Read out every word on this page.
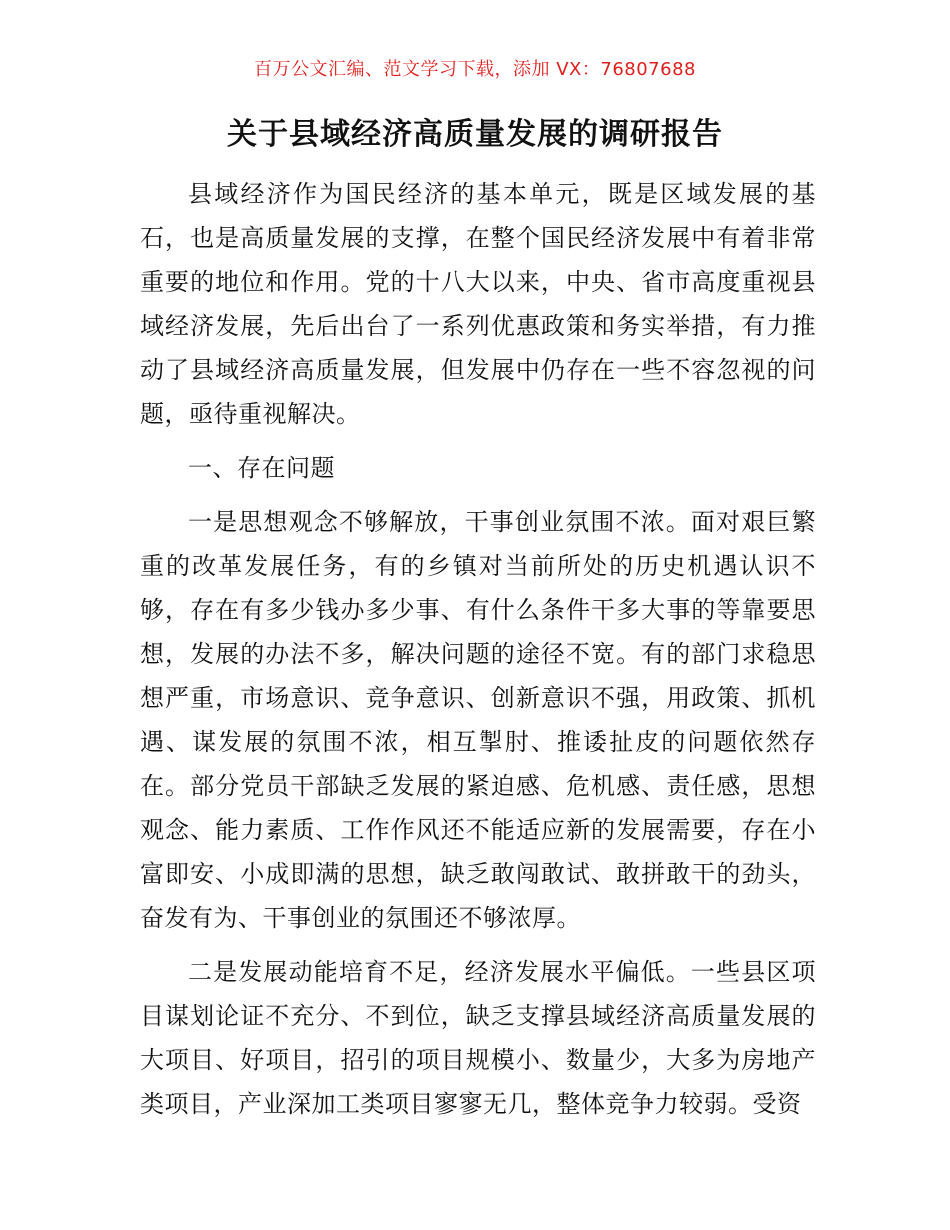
百万公文汇编、范文学习下载，添加 VX：76807688
关于县域经济高质量发展的调研报告

县域经济作为国民经济的基本单元，既是区域发展的基石，也是高质量发展的支撑，在整个国民经济发展中有着非常重要的地位和作用。党的十八大以来，中央、省市高度重视县域经济发展，先后出台了一系列优惠政策和务实举措，有力推动了县域经济高质量发展，但发展中仍存在一些不容忽视的问题，亟待重视解决。

一、存在问题

一是思想观念不够解放，干事创业氛围不浓。面对艰巨繁重的改革发展任务，有的乡镇对当前所处的历史机遇认识不够，存在有多少钱办多少事、有什么条件干多大事的等靠要思想，发展的办法不多，解决问题的途径不宽。有的部门求稳思想严重，市场意识、竞争意识、创新意识不强，用政策、抓机遇、谋发展的氛围不浓，相互掣肘、推诿扯皮的问题依然存在。部分党员干部缺乏发展的紧迫感、危机感、责任感，思想观念、能力素质、工作作风还不能适应新的发展需要，存在小富即安、小成即满的思想，缺乏敢闯敢试、敢拼敢干的劲头，奋发有为、干事创业的氛围还不够浓厚。

二是发展动能培育不足，经济发展水平偏低。一些县区项目谋划论证不充分、不到位，缺乏支撑县域经济高质量发展的大项目、好项目，招引的项目规模小、数量少，大多为房地产类项目，产业深加工类项目寥寥无几，整体竞争力较弱。受资
